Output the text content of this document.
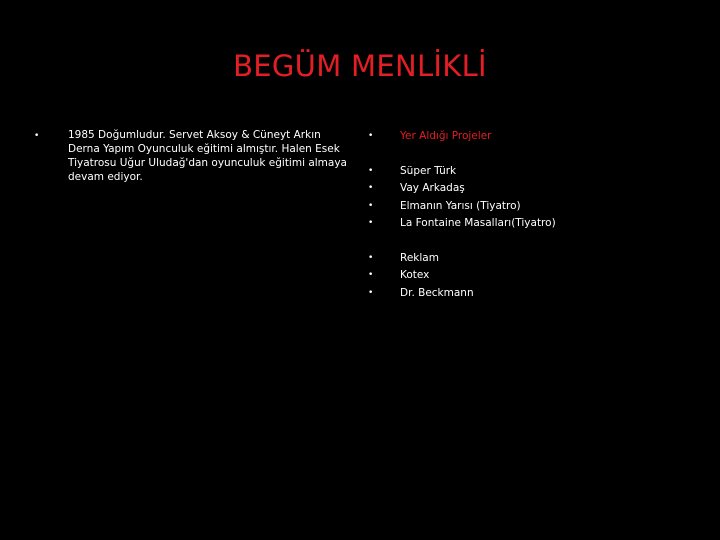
BEGÜM MENLİKLİ
•	1985 Doğumludur. Servet Aksoy & Cüneyt Arkın Derna Yapım Oyunculuk eğitimi almıştır. Halen Esek Tiyatrosu Uğur Uludağ'dan oyunculuk eğitimi almaya devam ediyor.
•	Yer Aldığı Projeler
•	Süper Türk
•	Vay Arkadaş
•	Elmanın Yarısı (Tiyatro)
•	La Fontaine Masalları(Tiyatro)
•	Reklam
•	Kotex
•	Dr. Beckmann
